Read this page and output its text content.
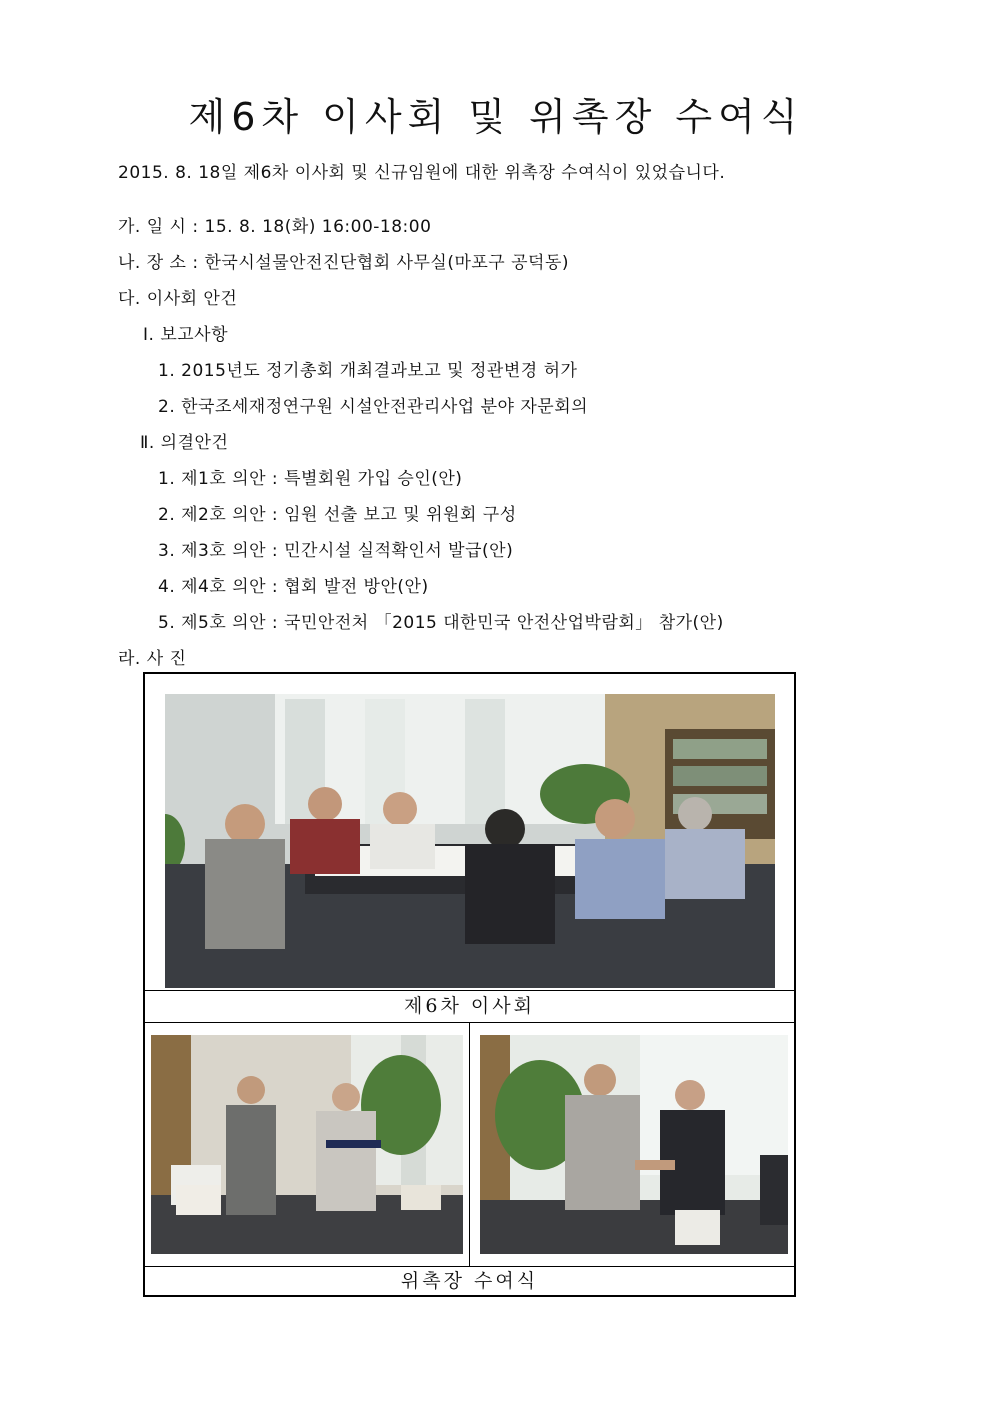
제6차 이사회 및 위촉장 수여식
2015. 8. 18일 제6차 이사회 및 신규임원에 대한 위촉장 수여식이 있었습니다.
가. 일 시 : 15. 8. 18(화) 16:00-18:00
나. 장 소 : 한국시설물안전진단협회 사무실(마포구 공덕동)
다. 이사회 안건
Ⅰ. 보고사항
1. 2015년도 정기총회 개최결과보고 및 정관변경 허가
2. 한국조세재정연구원 시설안전관리사업 분야 자문회의
Ⅱ. 의결안건
1. 제1호 의안 : 특별회원 가입 승인(안)
2. 제2호 의안 : 임원 선출 보고 및 위원회 구성
3. 제3호 의안 : 민간시설 실적확인서 발급(안)
4. 제4호 의안 : 협회 발전 방안(안)
5. 제5호 의안 : 국민안전처 「2015 대한민국 안전산업박람회」 참가(안)
라. 사 진
제6차 이사회
위촉장 수여식
